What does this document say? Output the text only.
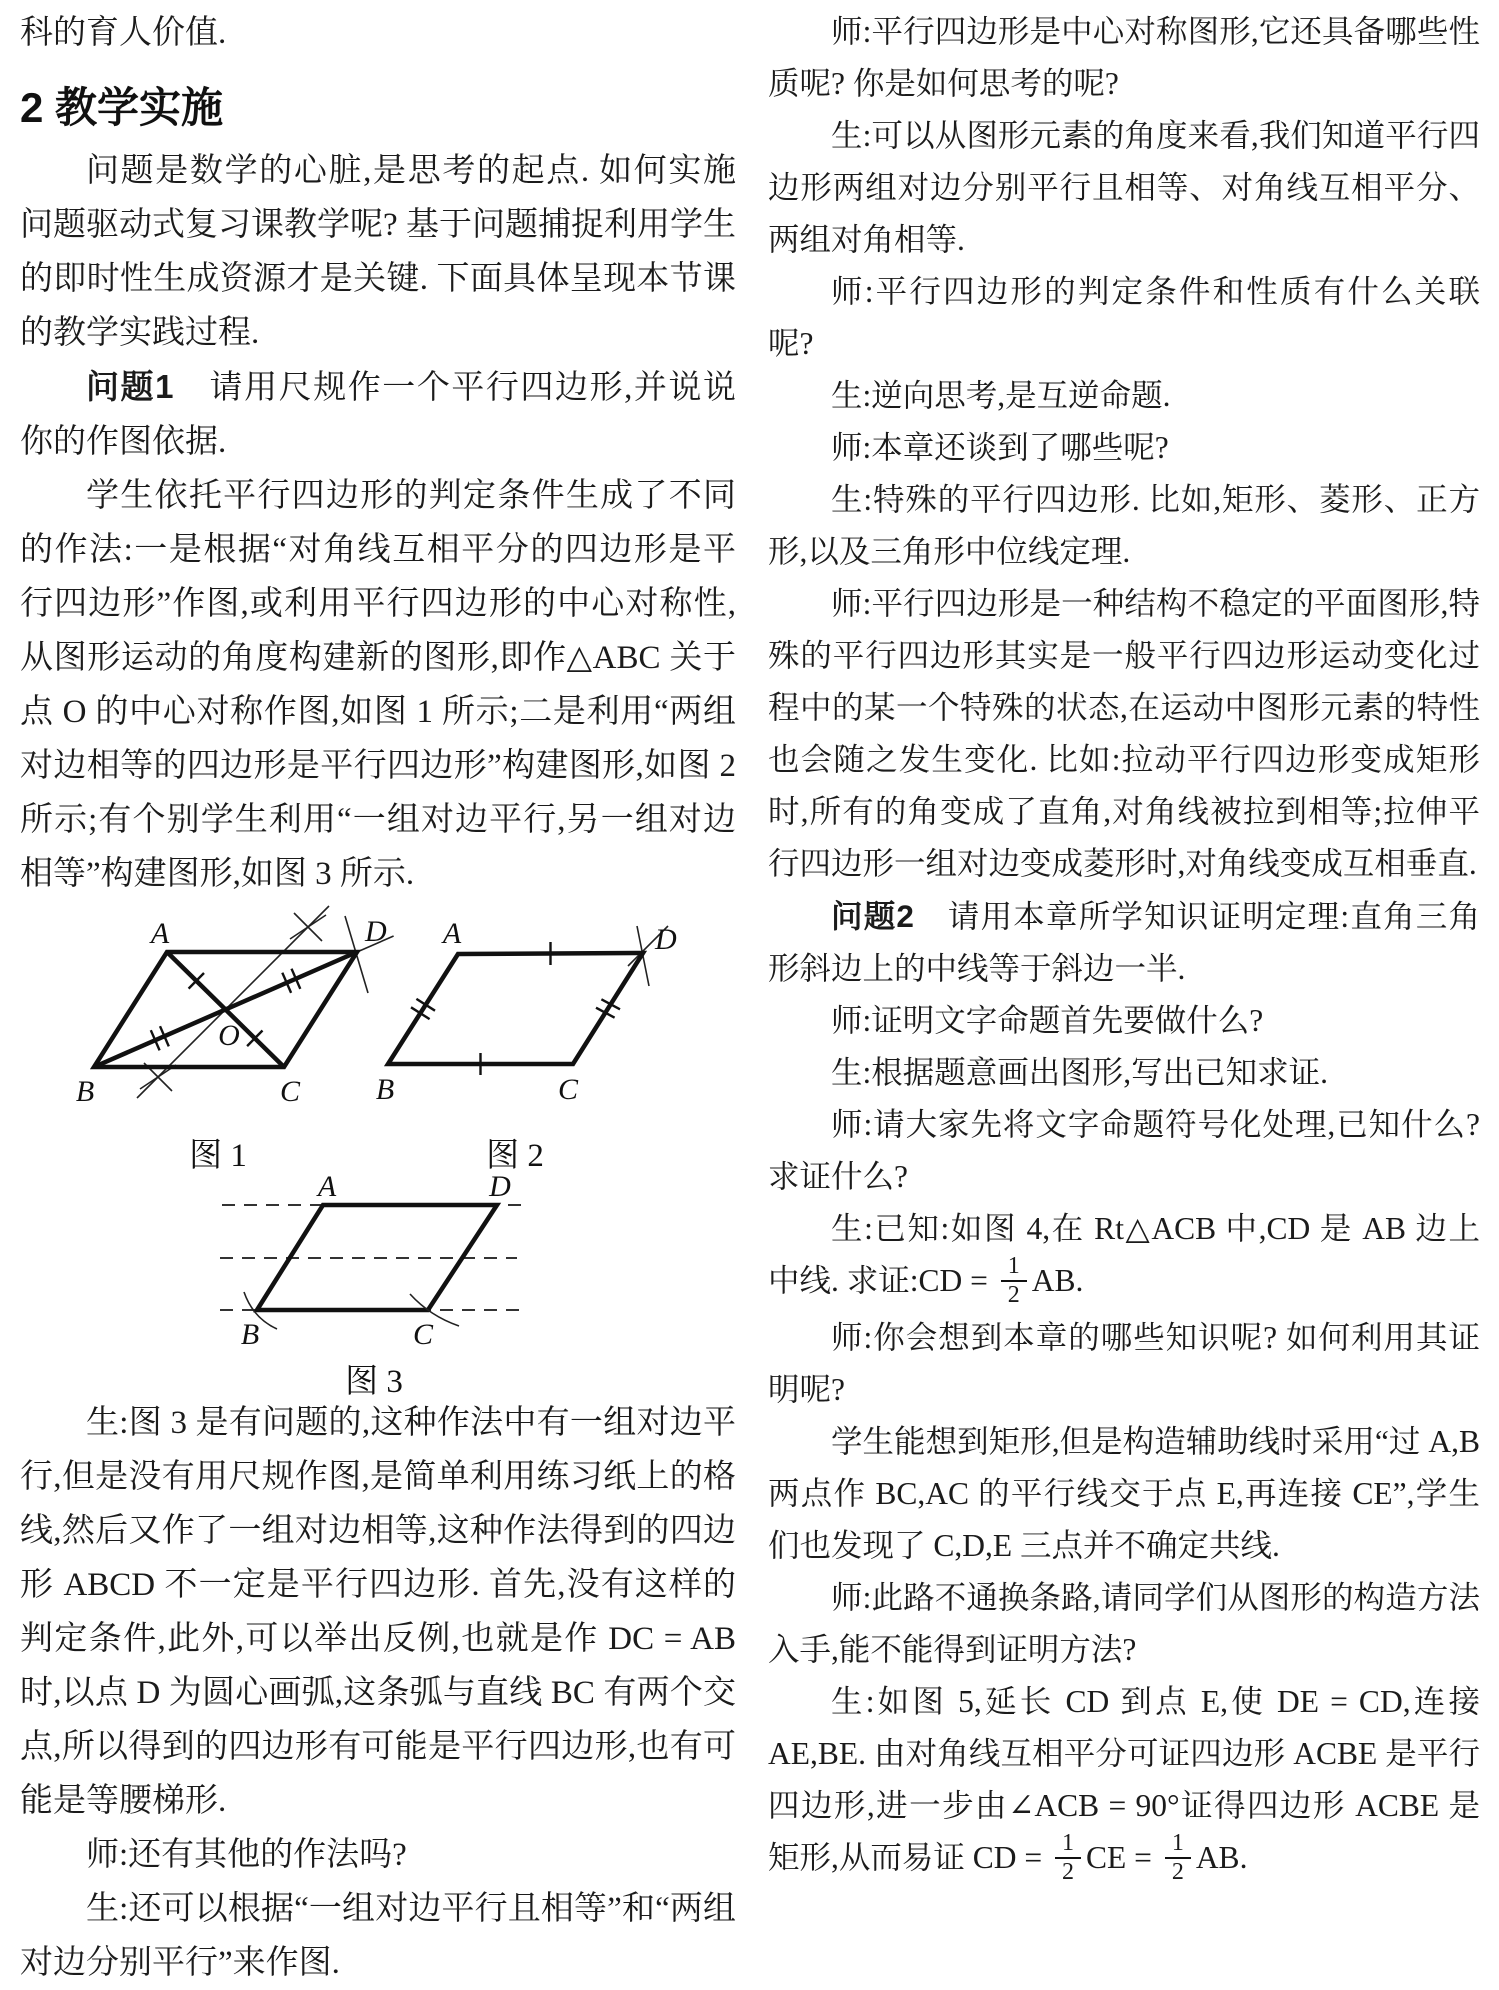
科的育人价值.

2 教学实施

问题是数学的心脏,是思考的起点. 如何实施问题驱动式复习课教学呢? 基于问题捕捉利用学生的即时性生成资源才是关键. 下面具体呈现本节课的教学实践过程.

问题1　请用尺规作一个平行四边形,并说说你的作图依据.

学生依托平行四边形的判定条件生成了不同的作法:一是根据“对角线互相平分的四边形是平行四边形”作图,或利用平行四边形的中心对称性,从图形运动的角度构建新的图形,即作△ABC 关于点 O 的中心对称作图,如图 1 所示;二是利用“两组对边相等的四边形是平行四边形”构建图形,如图 2 所示;有个别学生利用“一组对边平行,另一组对边相等”构建图形,如图 3 所示.

A	D
B	C
O
图 1
A	D
B	C
图 2
A	D
B	C
图 3

生:图 3 是有问题的,这种作法中有一组对边平行,但是没有用尺规作图,是简单利用练习纸上的格线,然后又作了一组对边相等,这种作法得到的四边形 ABCD 不一定是平行四边形. 首先,没有这样的判定条件,此外,可以举出反例,也就是作 DC = AB 时,以点 D 为圆心画弧,这条弧与直线 BC 有两个交点,所以得到的四边形有可能是平行四边形,也有可能是等腰梯形.

师:还有其他的作法吗?

生:还可以根据“一组对边平行且相等”和“两组对边分别平行”来作图.

师:平行四边形是中心对称图形,它还具备哪些性质呢? 你是如何思考的呢?

生:可以从图形元素的角度来看,我们知道平行四边形两组对边分别平行且相等、对角线互相平分、两组对角相等.

师:平行四边形的判定条件和性质有什么关联呢?

生:逆向思考,是互逆命题.

师:本章还谈到了哪些呢?

生:特殊的平行四边形. 比如,矩形、菱形、正方形,以及三角形中位线定理.

师:平行四边形是一种结构不稳定的平面图形,特殊的平行四边形其实是一般平行四边形运动变化过程中的某一个特殊的状态,在运动中图形元素的特性也会随之发生变化. 比如:拉动平行四边形变成矩形时,所有的角变成了直角,对角线被拉到相等;拉伸平行四边形一组对边变成菱形时,对角线变成互相垂直.

问题2　请用本章所学知识证明定理:直角三角形斜边上的中线等于斜边一半.

师:证明文字命题首先要做什么?

生:根据题意画出图形,写出已知求证.

师:请大家先将文字命题符号化处理,已知什么? 求证什么?

生:已知:如图 4,在 Rt△ACB 中,CD 是 AB 边上中线. 求证:CD = $\frac{1}{2}$ AB.

师:你会想到本章的哪些知识呢? 如何利用其证明呢?

学生能想到矩形,但是构造辅助线时采用“过 A,B 两点作 BC,AC 的平行线交于点 E,再连接 CE”,学生们也发现了 C,D,E 三点并不确定共线.

师:此路不通换条路,请同学们从图形的构造方法入手,能不能得到证明方法?

生:如图 5,延长 CD 到点 E,使 DE = CD,连接 AE,BE. 由对角线互相平分可证四边形 ACBE 是平行四边形,进一步由∠ACB = 90°证得四边形 ACBE 是矩形,从而易证 CD = $\frac{1}{2}$ CE = $\frac{1}{2}$ AB.
